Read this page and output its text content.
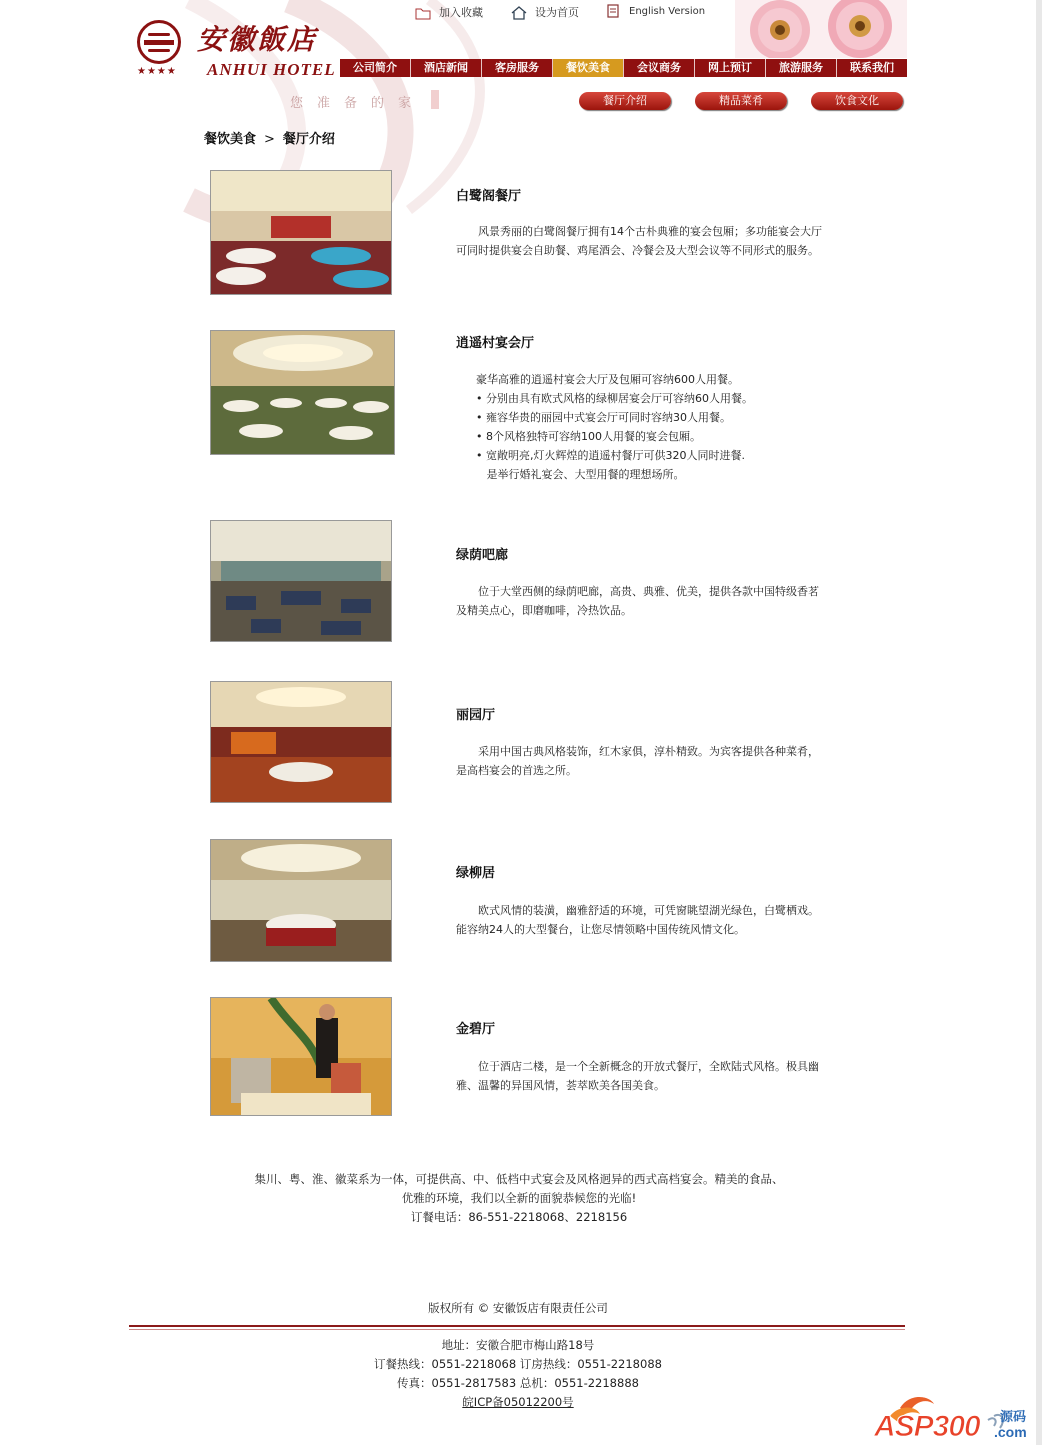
★★★★
安徽飯店
ANHUI HOTEL
加入收藏	设为首页	English Version
公司简介	酒店新闻	客房服务	餐饮美食	会议商务	网上预订	旅游服务	联系我们
您准备的家	餐厅介绍	精品菜肴	饮食文化
餐饮美食 > 餐厅介绍
白鹭阁餐厅
风景秀丽的白鹭阁餐厅拥有14个古朴典雅的宴会包厢；多功能宴会大厅可同时提供宴会自助餐、鸡尾酒会、冷餐会及大型会议等不同形式的服务。
逍遥村宴会厅
豪华高雅的逍遥村宴会大厅及包厢可容纳600人用餐。
• 分别由具有欧式风格的绿柳居宴会厅可容纳60人用餐。
• 雍容华贵的丽园中式宴会厅可同时容纳30人用餐。
• 8个风格独特可容纳100人用餐的宴会包厢。
• 宽敞明亮,灯火辉煌的逍遥村餐厅可供320人同时进餐.
是举行婚礼宴会、大型用餐的理想场所。
绿荫吧廊
位于大堂西侧的绿荫吧廊，高贵、典雅、优美，提供各款中国特级香茗及精美点心，即磨咖啡，冷热饮品。
丽园厅
采用中国古典风格装饰，红木家俱，淳朴精致。为宾客提供各种菜肴，是高档宴会的首选之所。
绿柳居
欧式风情的装潢，幽雅舒适的环境，可凭窗眺望湖光绿色，白鹭栖戏。能容纳24人的大型餐台，让您尽情领略中国传统风情文化。
金碧厅
位于酒店二楼，是一个全新概念的开放式餐厅，全欧陆式风格。极具幽雅、温馨的异国风情，荟萃欧美各国美食。
集川、粤、淮、徽菜系为一体，可提供高、中、低档中式宴会及风格迥异的西式高档宴会。精美的食品、
优雅的环境，我们以全新的面貌恭候您的光临!
订餐电话：86-551-2218068、2218156
版权所有 © 安徽饭店有限责任公司
地址：安徽合肥市梅山路18号
订餐热线：0551-2218068 订房热线：0551-2218088
传真：0551-2817583 总机：0551-2218888
皖ICP备05012200号
ASP300 源码
.com
